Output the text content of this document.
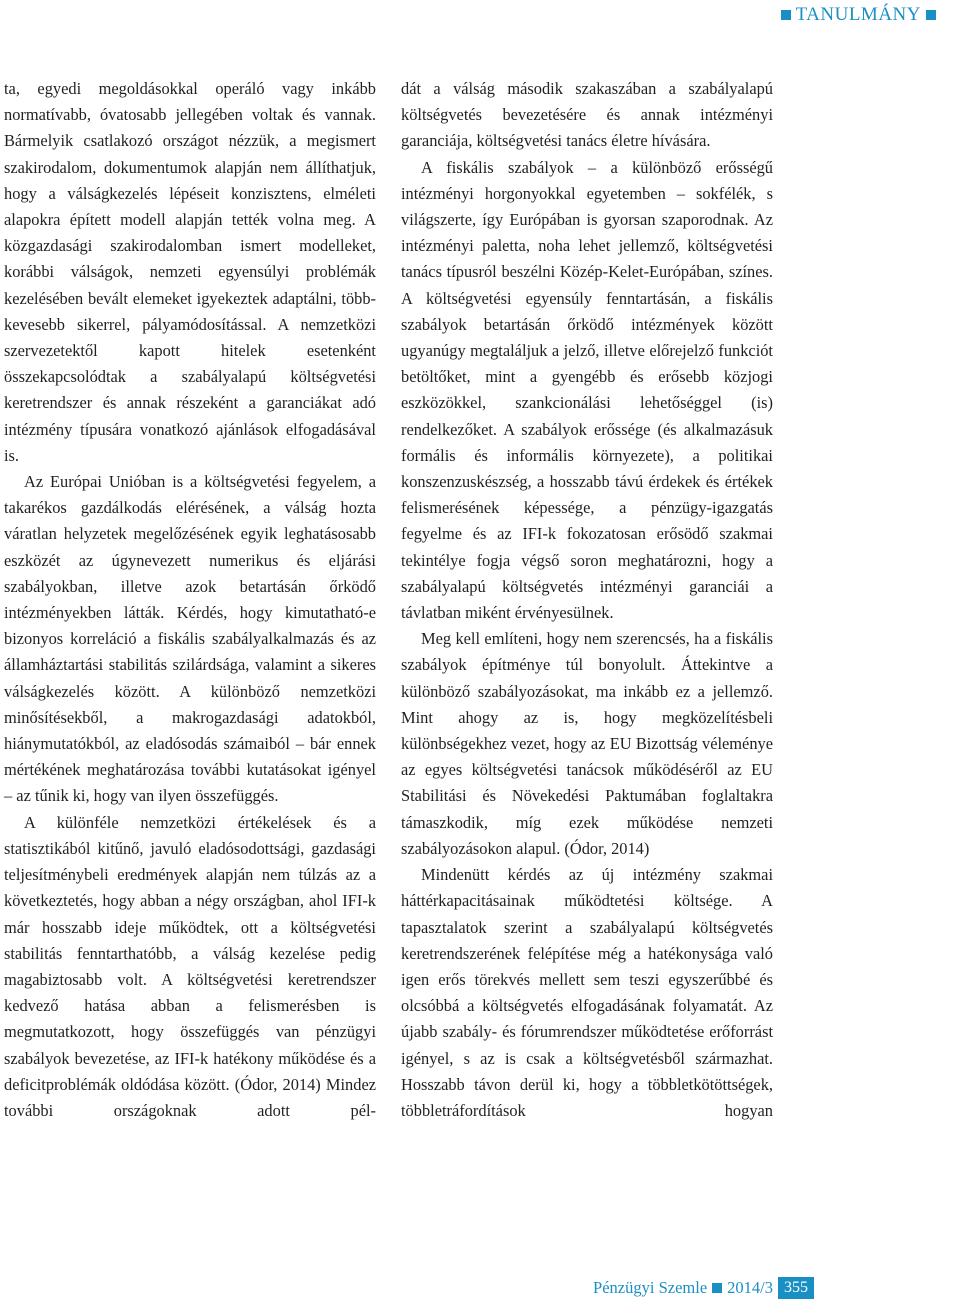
TANULMÁNY

ta, egyedi megoldásokkal operáló vagy inkább normatívabb, óvatosabb jellegében voltak és vannak. Bármelyik csatlakozó országot nézzük, a megismert szakirodalom, dokumentumok alapján nem állíthatjuk, hogy a válságkezelés lépéseit konzisztens, elméleti alapokra épített modell alapján tették volna meg. A közgazdasági szakirodalomban ismert modelleket, korábbi válságok, nemzeti egyensúlyi problémák kezelésében bevált elemeket igyekeztek adaptálni, több-kevesebb sikerrel, pályamódosítással. A nemzetközi szervezetektől kapott hitelek esetenként összekapcsolódtak a szabályalapú költségvetési keretrendszer és annak részeként a garanciákat adó intézmény típusára vonatkozó ajánlások elfogadásával is.

Az Európai Unióban is a költségvetési fegyelem, a takarékos gazdálkodás elérésének, a válság hozta váratlan helyzetek megelőzésének egyik leghatásosabb eszközét az úgynevezett numerikus és eljárási szabályokban, illetve azok betartásán őrködő intézményekben látták. Kérdés, hogy kimutatható-e bizonyos korreláció a fiskális szabályalkalmazás és az államháztartási stabilitás szilárdsága, valamint a sikeres válságkezelés között. A különböző nemzetközi minősítésekből, a makrogazdasági adatokból, hiánymutatókból, az eladósodás számaiból – bár ennek mértékének meghatározása további kutatásokat igényel – az tűnik ki, hogy van ilyen összefüggés.

A különféle nemzetközi értékelések és a statisztikából kitűnő, javuló eladósodottsági, gazdasági teljesítménybeli eredmények alapján nem túlzás az a következtetés, hogy abban a négy országban, ahol IFI-k már hosszabb ideje működtek, ott a költségvetési stabilitás fenntarthatóbb, a válság kezelése pedig magabiztosabb volt. A költségvetési keretrendszer kedvező hatása abban a felismerésben is megmutatkozott, hogy összefüggés van pénzügyi szabályok bevezetése, az IFI-k hatékony működése és a deficitproblémák oldódása között. (Ódor, 2014) Mindez további országoknak adott pél-

dát a válság második szakaszában a szabályalapú költségvetés bevezetésére és annak intézményi garanciája, költségvetési tanács életre hívására.

A fiskális szabályok – a különböző erősségű intézményi horgonyokkal egyetemben – sokfélék, s világszerte, így Európában is gyorsan szaporodnak. Az intézményi paletta, noha lehet jellemző, költségvetési tanács típusról beszélni Közép-Kelet-Európában, színes. A költségvetési egyensúly fenntartásán, a fiskális szabályok betartásán őrködő intézmények között ugyanúgy megtaláljuk a jelző, illetve előrejelző funkciót betöltőket, mint a gyengébb és erősebb közjogi eszközökkel, szankcionálási lehetőséggel (is) rendelkezőket. A szabályok erőssége (és alkalmazásuk formális és informális környezete), a politikai konszenzuskészség, a hosszabb távú érdekek és értékek felismerésének képessége, a pénzügy-igazgatás fegyelme és az IFI-k fokozatosan erősödő szakmai tekintélye fogja végső soron meghatározni, hogy a szabályalapú költségvetés intézményi garanciái a távlatban miként érvényesülnek.

Meg kell említeni, hogy nem szerencsés, ha a fiskális szabályok építménye túl bonyolult. Áttekintve a különböző szabályozásokat, ma inkább ez a jellemző. Mint ahogy az is, hogy megközelítésbeli különbségekhez vezet, hogy az EU Bizottság véleménye az egyes költségvetési tanácsok működéséről az EU Stabilitási és Növekedési Paktumában foglaltakra támaszkodik, míg ezek működése nemzeti szabályozásokon alapul. (Ódor, 2014)

Mindenütt kérdés az új intézmény szakmai háttérkapacitásainak működtetési költsége. A tapasztalatok szerint a szabályalapú költségvetés keretrendszerének felépítése még a hatékonysága való igen erős törekvés mellett sem teszi egyszerűbbé és olcsóbbá a költségvetés elfogadásának folyamatát. Az újabb szabály- és fórumrendszer működtetése erőforrást igényel, s az is csak a költségvetésből származhat. Hosszabb távon derül ki, hogy a többletkötöttségek, többletráfordítások hogyan

Pénzügyi Szemle 2014/3 355
